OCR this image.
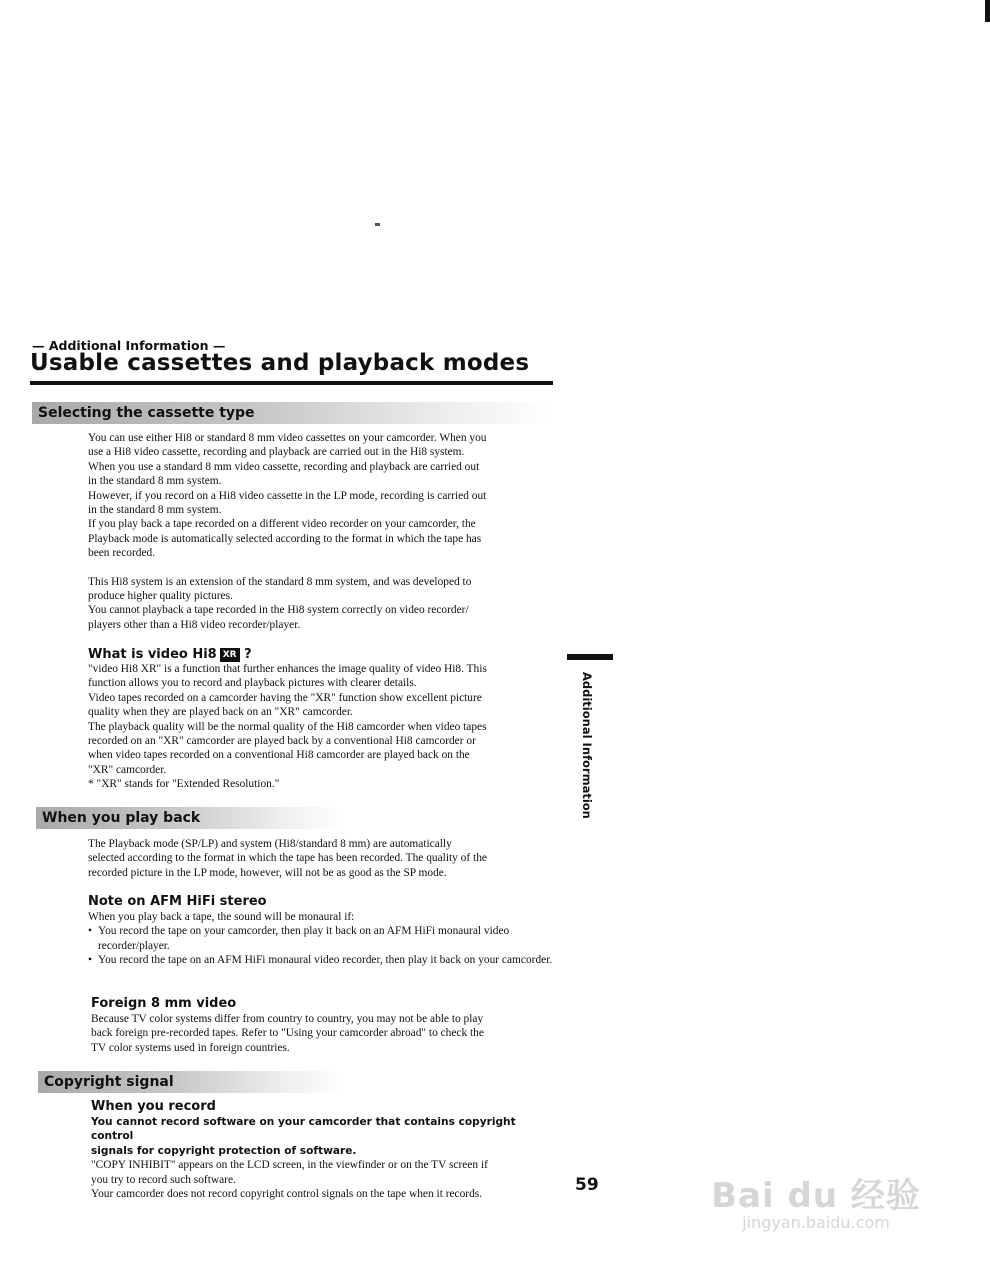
— Additional Information —
Usable cassettes and playback modes
Selecting the cassette type

You can use either Hi8 or standard 8 mm video cassettes on your camcorder. When you

use a Hi8 video cassette, recording and playback are carried out in the Hi8 system.

When you use a standard 8 mm video cassette, recording and playback are carried out

in the standard 8 mm system.

However, if you record on a Hi8 video cassette in the LP mode, recording is carried out

in the standard 8 mm system.

If you play back a tape recorded on a different video recorder on your camcorder, the

Playback mode is automatically selected according to the format in which the tape has

been recorded.

This Hi8 system is an extension of the standard 8 mm system, and was developed to

produce higher quality pictures.

You cannot playback a tape recorded in the Hi8 system correctly on video recorder/

players other than a Hi8 video recorder/player.

What is video Hi8 XR ?

"video Hi8 XR" is a function that further enhances the image quality of video Hi8. This

function allows you to record and playback pictures with clearer details.

Video tapes recorded on a camcorder having the "XR" function show excellent picture

quality when they are played back on an "XR" camcorder.

The playback quality will be the normal quality of the Hi8 camcorder when video tapes

recorded on an "XR" camcorder are played back by a conventional Hi8 camcorder or

when video tapes recorded on a conventional Hi8 camcorder are played back on the

"XR" camcorder.

* "XR" stands for "Extended Resolution."	Additional Information
When you play back

The Playback mode (SP/LP) and system (Hi8/standard 8 mm) are automatically

selected according to the format in which the tape has been recorded. The quality of the

recorded picture in the LP mode, however, will not be as good as the SP mode.

Note on AFM HiFi stereo

When you play back a tape, the sound will be monaural if:

• You record the tape on your camcorder, then play it back on an AFM HiFi monaural video recorder/player.
• You record the tape on an AFM HiFi monaural video recorder, then play it back on your camcorder.
Foreign 8 mm video

Because TV color systems differ from country to country, you may not be able to play

back foreign pre-recorded tapes. Refer to "Using your camcorder abroad" to check the

TV color systems used in foreign countries.

Copyright signal
When you record

You cannot record software on your camcorder that contains copyright control

signals for copyright protection of software.

"COPY INHIBIT" appears on the LCD screen, in the viewfinder or on the TV screen if

you try to record such software.

Your camcorder does not record copyright control signals on the tape when it records.	59	Bai du 经验
jingyan.baidu.com
